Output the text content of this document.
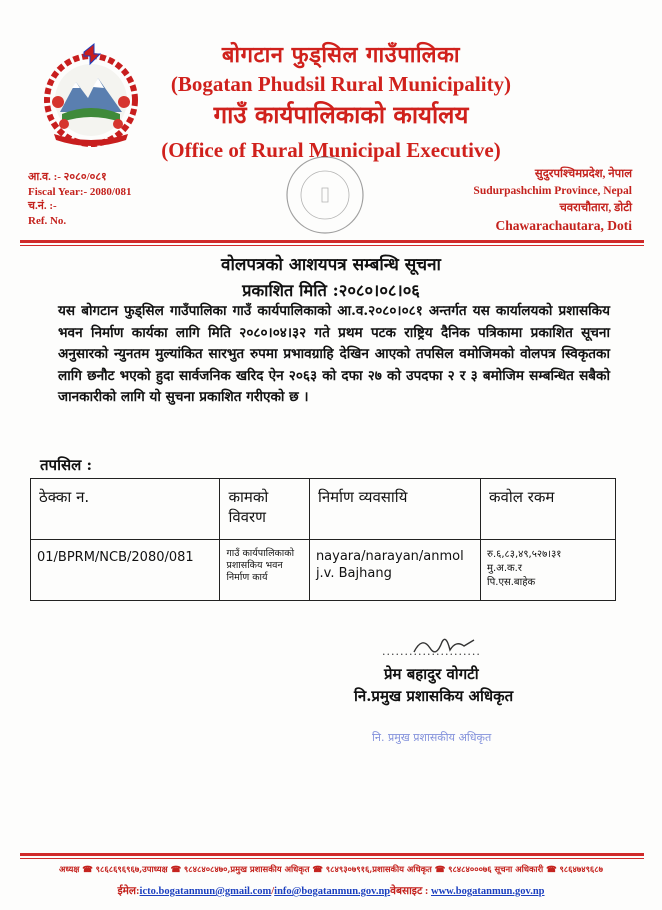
बोगटान फुड्सिल गाउँपालिका
(Bogatan Phudsil Rural Municipality)
गाउँ कार्यपालिकाको कार्यालय
(Office of Rural Municipal Executive)
आ.व. :- २०८०/०८१
Fiscal Year:- 2080/081
च.नं. :-
Ref. No.
सुदुरपश्चिमप्रदेश, नेपाल
Sudurpashchim Province, Nepal
चवराचौतारा, डोटी
Chawarachautara, Doti
वोलपत्रको आशयपत्र सम्बन्धि सूचना
प्रकाशित मिति :२०८०।०८।०६
यस बोगटान फुड्सिल गाउँपालिका गाउँ कार्यपालिकाको आ.व.२०८०।०८१ अन्तर्गत यस कार्यालयको प्रशासकिय भवन निर्माण कार्यका लागि मिति २०८०।०४।३२ गते प्रथम पटक राष्ट्रिय दैनिक पत्रिकामा प्रकाशित सूचना अनुसारको न्युनतम मुल्यांकित सारभुत रुपमा प्रभावग्राहि देखिन आएको तपसिल वमोजिमको वोलपत्र स्विकृतका लागि छनौट भएको हुदा सार्वजनिक खरिद ऐन २०६३ को दफा २७ को उपदफा २ र ३ बमोजिम सम्बन्धित सबैको जानकारीको लागि यो सुचना प्रकाशित गरीएको छ ।
तपसिल :
ठेक्का न.	कामको विवरण	निर्माण व्यवसायि	कवोल रकम
01/BPRM/NCB/2080/081	गाउँ कार्यपालिकाको प्रशासकिय भवन निर्माण कार्य	nayara/narayan/anmol j.v. Bajhang	रु.६,८३,४९,५२७।३१
मु.अ.क.र
पि.एस.बाहेक
......................
प्रेम बहादुर वोगटी
नि.प्रमुख प्रशासकिय अधिकृत
नि. प्रमुख प्रशासकीय अधिकृत
अध्यक्ष ☎ ९८६८६९६९६७,उपाध्यक्ष ☎ ९८४८४०८४७०,प्रमुख प्रशासकीय अधिकृत ☎ ९८४९३०७९१६,प्रशासकीय अधिकृत ☎ ९८४८४०००७६ सूचना अधिकारी ☎ ९८६४७४९६८७
ईमेल:icto.bogatanmun@gmail.com/info@bogatanmun.gov.npवेबसाइट : www.bogatanmun.gov.np
